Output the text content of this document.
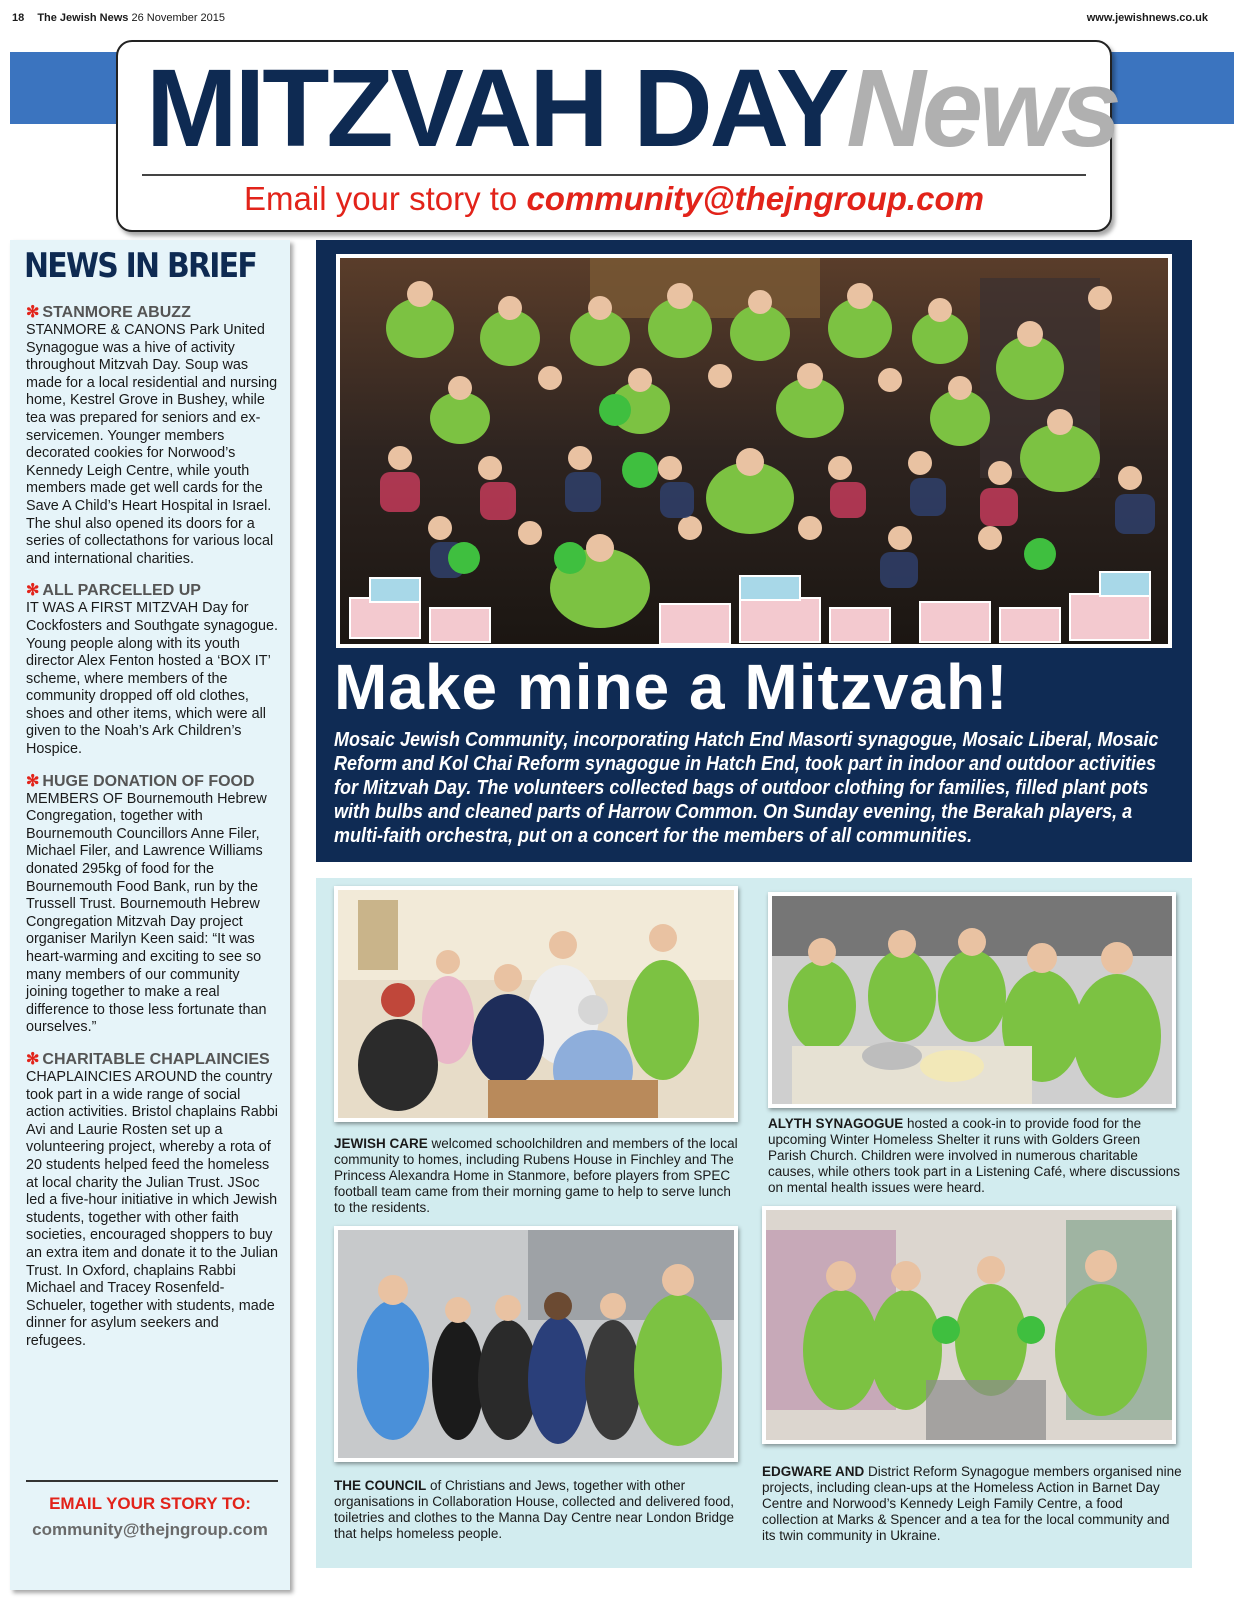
18 The Jewish News 26 November 2015	www.jewishnews.co.uk
MITZVAH DAYNews
Email your story to community@thejngroup.com
NEWS IN BRIEF
✻ STANMORE ABUZZ
STANMORE & CANONS Park United Synagogue was a hive of activity throughout Mitzvah Day. Soup was made for a local residential and nursing home, Kestrel Grove in Bushey, while tea was prepared for seniors and ex-servicemen. Younger members decorated cookies for Norwood’s Kennedy Leigh Centre, while youth members made get well cards for the Save A Child’s Heart Hospital in Israel. The shul also opened its doors for a series of collectathons for various local and international charities.
✻ ALL PARCELLED UP
IT WAS A FIRST MITZVAH Day for Cockfosters and Southgate synagogue. Young people along with its youth director Alex Fenton hosted a ‘BOX IT’ scheme, where members of the community dropped off old clothes, shoes and other items, which were all given to the Noah’s Ark Children’s Hospice.
✻ HUGE DONATION OF FOOD
MEMBERS OF Bournemouth Hebrew Congregation, together with Bournemouth Councillors Anne Filer, Michael Filer, and Lawrence Williams donated 295kg of food for the Bournemouth Food Bank, run by the Trussell Trust. Bournemouth Hebrew Congregation Mitzvah Day project organiser Marilyn Keen said: “It was heart-warming and exciting to see so many members of our community joining together to make a real difference to those less fortunate than ourselves.”
✻ CHARITABLE CHAPLAINCIES
CHAPLAINCIES AROUND the country took part in a wide range of social action activities. Bristol chaplains Rabbi Avi and Laurie Rosten set up a volunteering project, whereby a rota of 20 students helped feed the homeless at local charity the Julian Trust. JSoc led a five-hour initiative in which Jewish students, together with other faith societies, encouraged shoppers to buy an extra item and donate it to the Julian Trust. In Oxford, chaplains Rabbi Michael and Tracey Rosenfeld-Schueler, together with students, made dinner for asylum seekers and refugees.
EMAIL YOUR STORY TO:
community@thejngroup.com
Make mine a Mitzvah!
Mosaic Jewish Community, incorporating Hatch End Masorti synagogue, Mosaic Liberal, Mosaic Reform and Kol Chai Reform synagogue in Hatch End, took part in indoor and outdoor activities for Mitzvah Day. The volunteers collected bags of outdoor clothing for families, filled plant pots with bulbs and cleaned parts of Harrow Common. On Sunday evening, the Berakah players, a multi-faith orchestra, put on a concert for the members of all communities.
JEWISH CARE welcomed schoolchildren and members of the local community to homes, including Rubens House in Finchley and The Princess Alexandra Home in Stanmore, before players from SPEC football team came from their morning game to help to serve lunch to the residents.
ALYTH SYNAGOGUE hosted a cook-in to provide food for the upcoming Winter Homeless Shelter it runs with Golders Green Parish Church. Children were involved in numerous charitable causes, while others took part in a Listening Café, where discussions on mental health issues were heard.
THE COUNCIL of Christians and Jews, together with other organisations in Collaboration House, collected and delivered food, toiletries and clothes to the Manna Day Centre near London Bridge that helps homeless people.
EDGWARE AND District Reform Synagogue members organised nine projects, including clean-ups at the Homeless Action in Barnet Day Centre and Norwood’s Kennedy Leigh Family Centre, a food collection at Marks & Spencer and a tea for the local community and its twin community in Ukraine.
